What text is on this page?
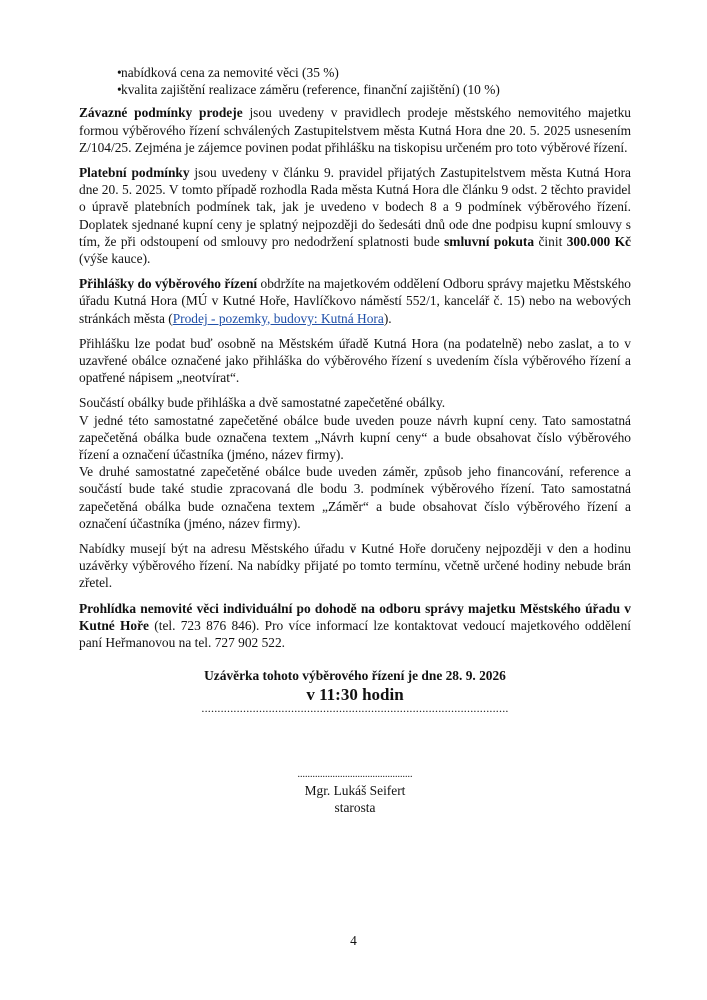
nabídková cena za nemovité věci (35 %)
kvalita zajištění realizace záměru (reference, finanční zajištění) (10 %)

Závazné podmínky prodeje jsou uvedeny v pravidlech prodeje městského nemovitého majetku formou výběrového řízení schválených Zastupitelstvem města Kutná Hora dne 20. 5. 2025 usnesením Z/104/25. Zejména je zájemce povinen podat přihlášku na tiskopisu určeném pro toto výběrové řízení.

Platební podmínky jsou uvedeny v článku 9. pravidel přijatých Zastupitelstvem města Kutná Hora dne 20. 5. 2025. V tomto případě rozhodla Rada města Kutná Hora dle článku 9 odst. 2 těchto pravidel o úpravě platebních podmínek tak, jak je uvedeno v bodech 8 a 9 podmínek výběrového řízení. Doplatek sjednané kupní ceny je splatný nejpozději do šedesáti dnů ode dne podpisu kupní smlouvy s tím, že při odstoupení od smlouvy pro nedodržení splatnosti bude smluvní pokuta činit 300.000 Kč (výše kauce).

Přihlášky do výběrového řízení obdržíte na majetkovém oddělení Odboru správy majetku Městského úřadu Kutná Hora (MÚ v Kutné Hoře, Havlíčkovo náměstí 552/1, kancelář č. 15) nebo na webových stránkách města (Prodej - pozemky, budovy: Kutná Hora).

Přihlášku lze podat buď osobně na Městském úřadě Kutná Hora (na podatelně) nebo zaslat, a to v uzavřené obálce označené jako přihláška do výběrového řízení s uvedením čísla výběrového řízení a opatřené nápisem „neotvírat“.

Součástí obálky bude přihláška a dvě samostatné zapečetěné obálky.

V jedné této samostatné zapečetěné obálce bude uveden pouze návrh kupní ceny. Tato samostatná zapečetěná obálka bude označena textem „Návrh kupní ceny“ a bude obsahovat číslo výběrového řízení a označení účastníka (jméno, název firmy).

Ve druhé samostatné zapečetěné obálce bude uveden záměr, způsob jeho financování, reference a součástí bude také studie zpracovaná dle bodu 3. podmínek výběrového řízení. Tato samostatná zapečetěná obálka bude označena textem „Záměr“ a bude obsahovat číslo výběrového řízení a označení účastníka (jméno, název firmy).

Nabídky musejí být na adresu Městského úřadu v Kutné Hoře doručeny nejpozději v den a hodinu uzávěrky výběrového řízení. Na nabídky přijaté po tomto termínu, včetně určené hodiny nebude brán zřetel.

Prohlídka nemovité věci individuální po dohodě na odboru správy majetku Městského úřadu v Kutné Hoře (tel. 723 876 846). Pro více informací lze kontaktovat vedoucí majetkového oddělení paní Heřmanovou na tel. 727 902 522.

Uzávěrka tohoto výběrového řízení je dne 28. 9. 2026
v 11:30 hodin
................................................................................................
..............................................
Mgr. Lukáš Seifert
starosta
4
